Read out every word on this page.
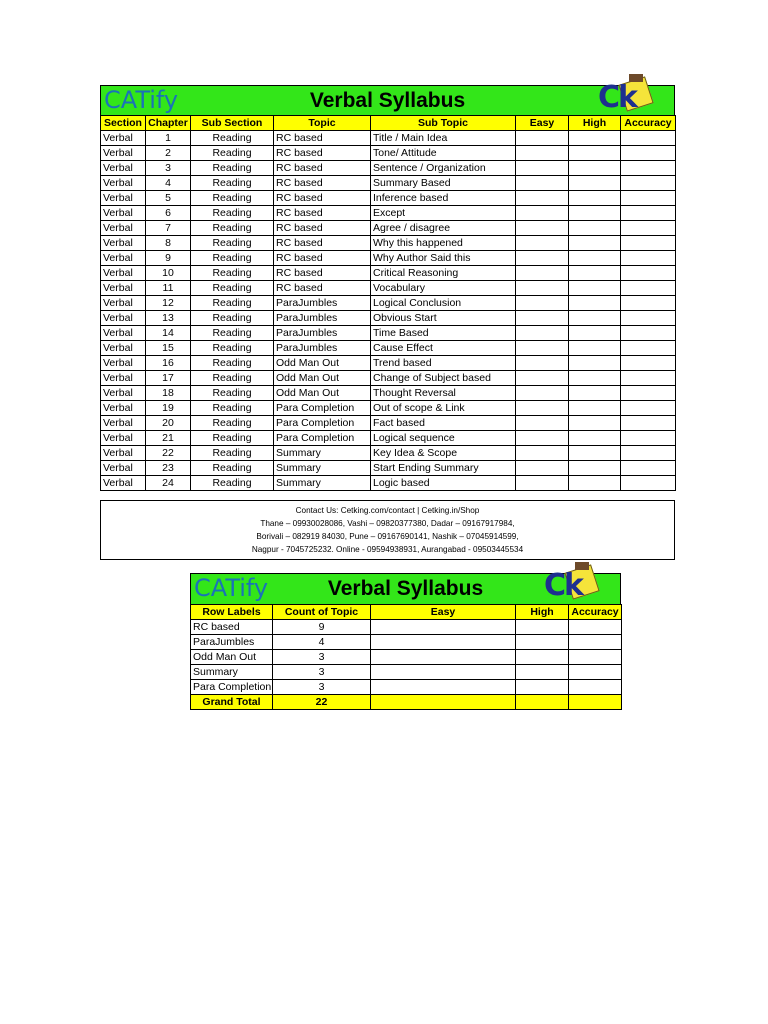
CATify	Verbal Syllabus	Ck
Section	Chapter	Sub Section	Topic	Sub Topic	Easy	High	Accuracy
Verbal	1	Reading	RC based	Title / Main Idea			
Verbal	2	Reading	RC based	Tone/ Attitude			
Verbal	3	Reading	RC based	Sentence / Organization			
Verbal	4	Reading	RC based	Summary Based			
Verbal	5	Reading	RC based	Inference based			
Verbal	6	Reading	RC based	Except			
Verbal	7	Reading	RC based	Agree / disagree			
Verbal	8	Reading	RC based	Why this happened			
Verbal	9	Reading	RC based	Why Author Said this			
Verbal	10	Reading	RC based	Critical Reasoning			
Verbal	11	Reading	RC based	Vocabulary			
Verbal	12	Reading	ParaJumbles	Logical Conclusion			
Verbal	13	Reading	ParaJumbles	Obvious Start			
Verbal	14	Reading	ParaJumbles	Time Based			
Verbal	15	Reading	ParaJumbles	Cause Effect			
Verbal	16	Reading	Odd Man Out	Trend based			
Verbal	17	Reading	Odd Man Out	Change of Subject based			
Verbal	18	Reading	Odd Man Out	Thought Reversal			
Verbal	19	Reading	Para Completion	Out of scope & Link			
Verbal	20	Reading	Para Completion	Fact based			
Verbal	21	Reading	Para Completion	Logical sequence			
Verbal	22	Reading	Summary	Key Idea & Scope			
Verbal	23	Reading	Summary	Start Ending Summary			
Verbal	24	Reading	Summary	Logic based			
Contact Us: Cetking.com/contact | Cetking.in/Shop
Thane – 09930028086, Vashi – 09820377380, Dadar – 09167917984,
Borivali – 082919 84030, Pune – 09167690141, Nashik – 07045914599,
Nagpur - 7045725232. Online - 09594938931, Aurangabad - 09503445534
CATify	Verbal Syllabus	Ck
Row Labels	Count of Topic	Easy	High	Accuracy
RC based	9			
ParaJumbles	4			
Odd Man Out	3			
Summary	3			
Para Completion	3			
Grand Total	22			
